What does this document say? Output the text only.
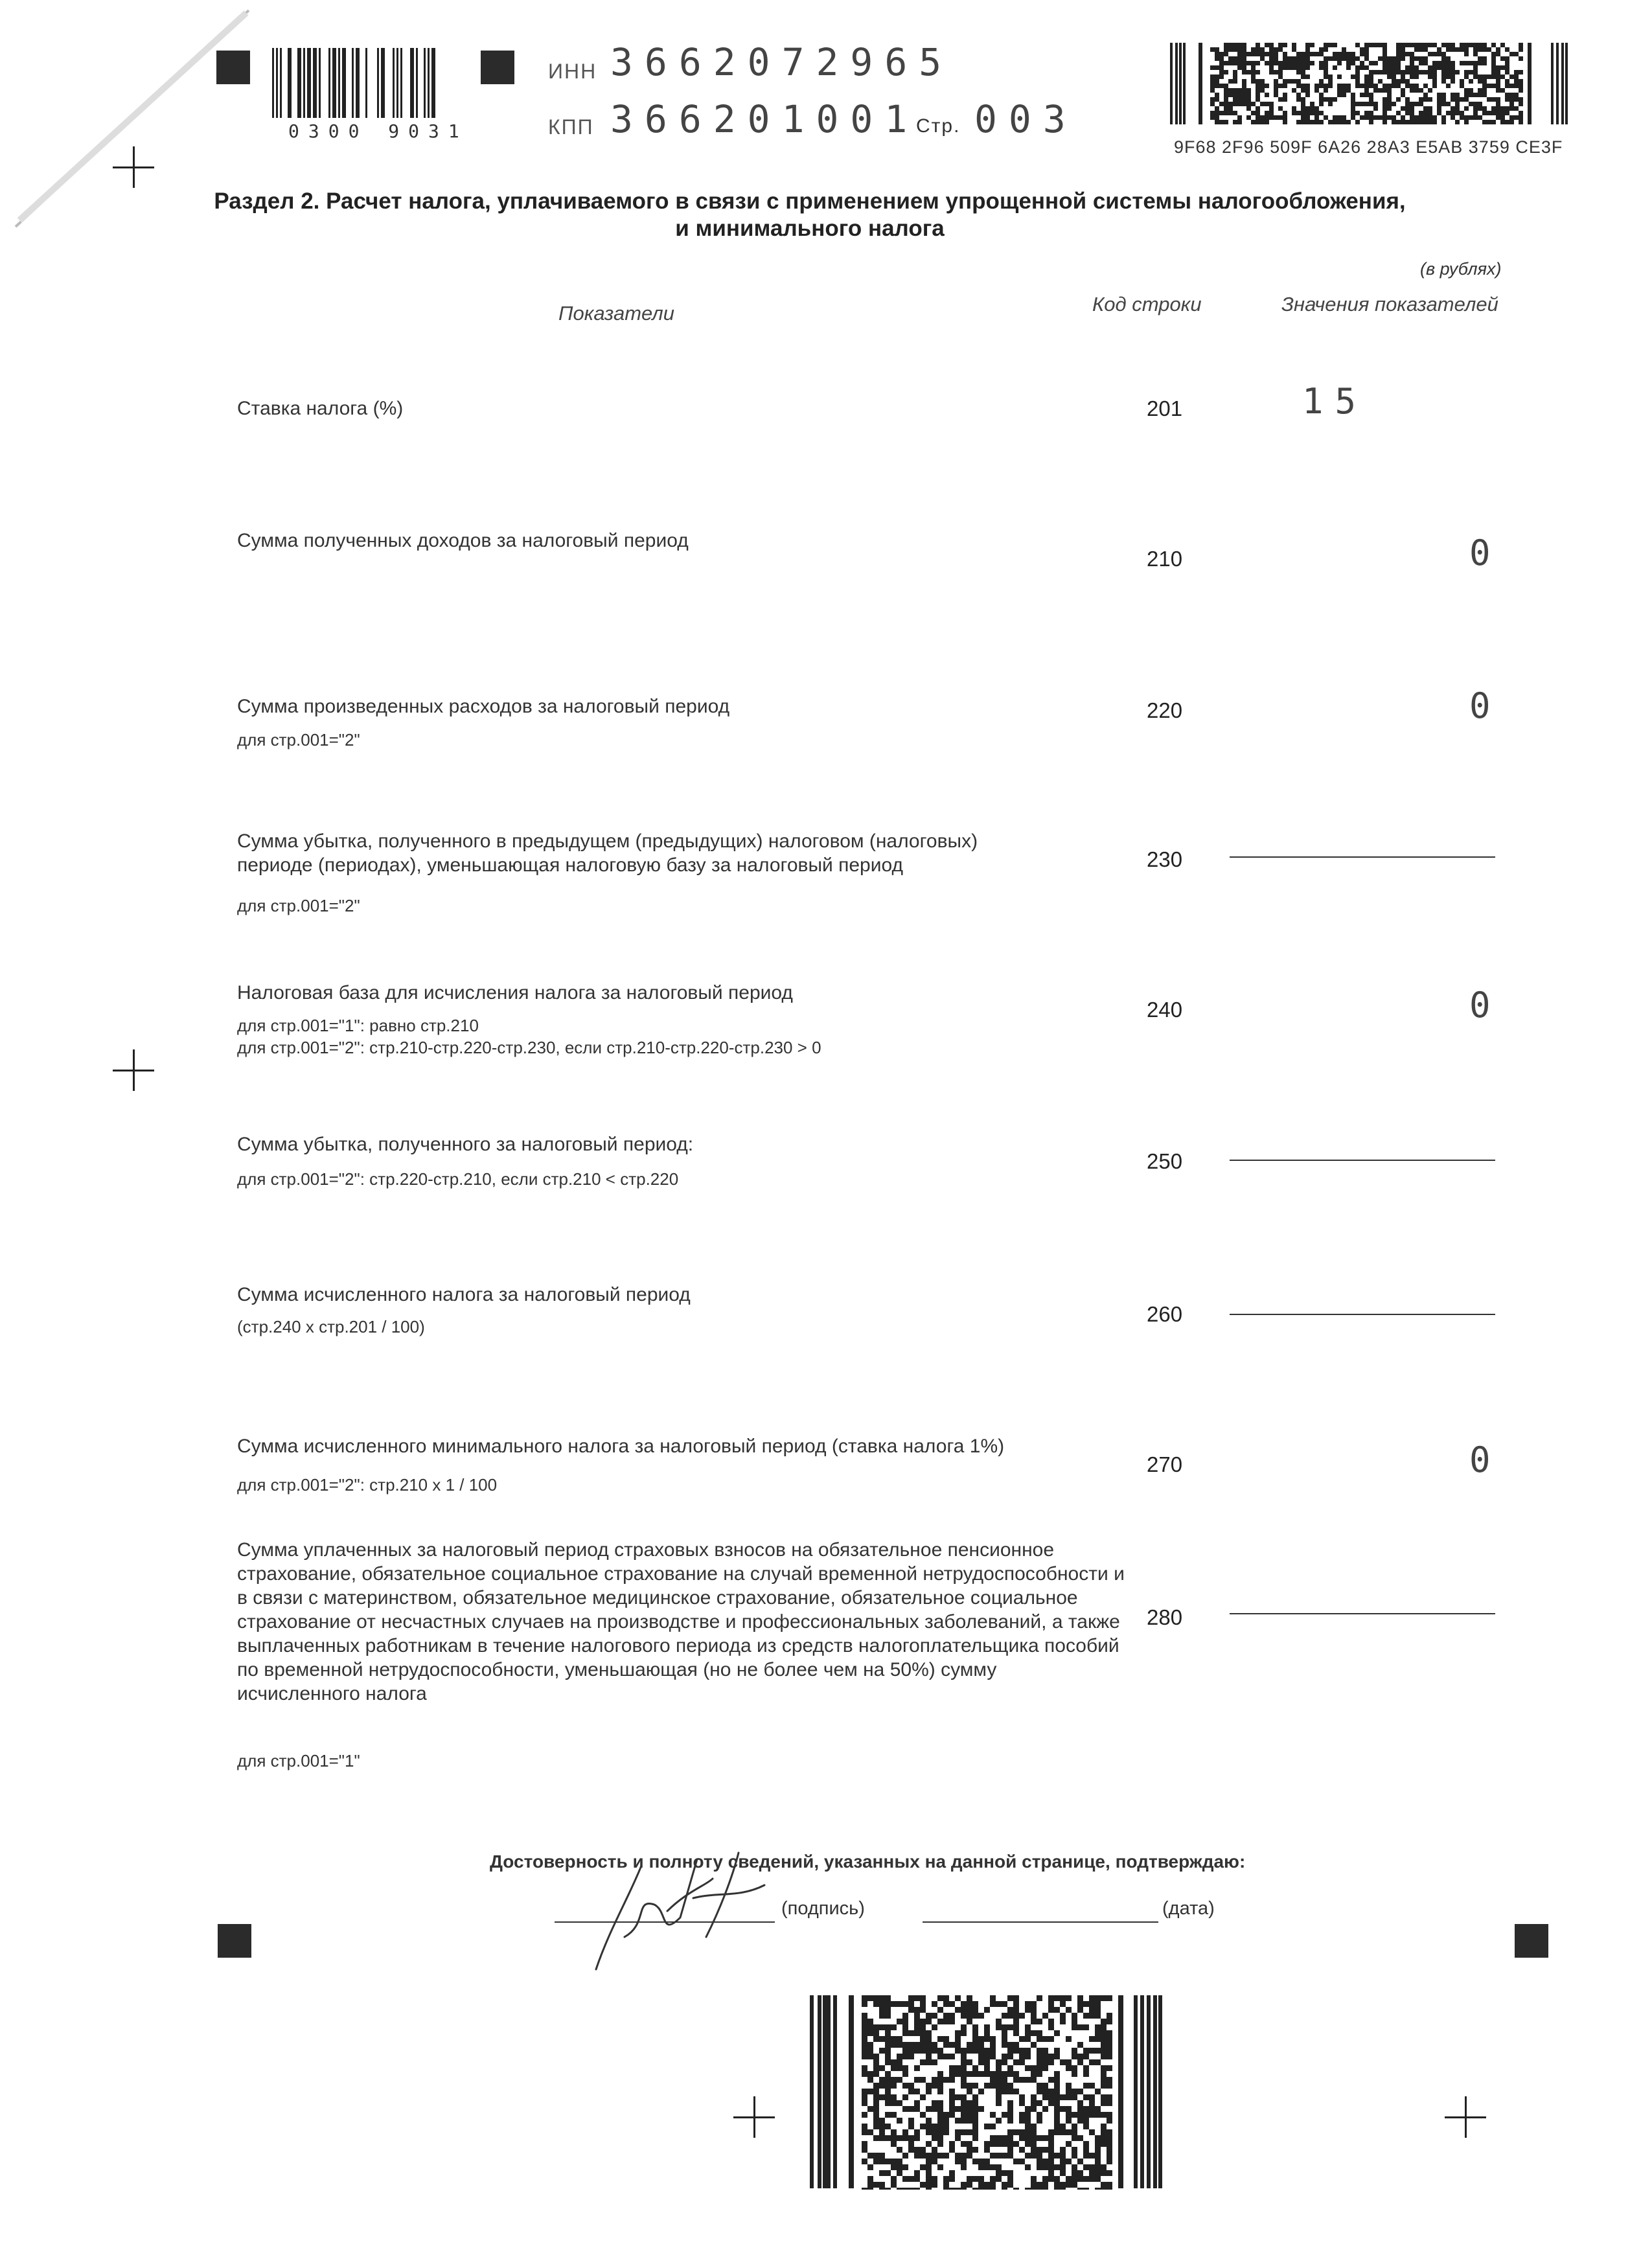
0300 9031
ИНН 3662072965
КПП 366201001
Стр. 003
9F68 2F96 509F 6A26 28A3 E5AB 3759 CE3F
Раздел 2. Расчет налога, уплачиваемого в связи с применением упрощенной системы налогообложения,
и минимального налога
(в рублях)
Показатели	Код строки	Значения показателей
Ставка налога (%)	201	15
Сумма полученных доходов за налоговый период
210	0
Сумма произведенных расходов за налоговый период
для стр.001="2"
220	0
Сумма убытка, полученного в предыдущем (предыдущих) налоговом (налоговых) периоде (периодах), уменьшающая налоговую базу за налоговый период
для стр.001="2"
230
Налоговая база для исчисления налога за налоговый период
для стр.001="1": равно стр.210
для стр.001="2": стр.210-стр.220-стр.230, если стр.210-стр.220-стр.230 > 0
240	0
Сумма убытка, полученного за налоговый период:
для стр.001="2": стр.220-стр.210, если стр.210 < стр.220
250
Сумма исчисленного налога за налоговый период
(стр.240 x стр.201 / 100)
260
Сумма исчисленного минимального налога за налоговый период (ставка налога 1%)
для стр.001="2": стр.210 x 1 / 100
270	0
Сумма уплаченных за налоговый период страховых взносов на обязательное пенсионное страхование, обязательное социальное страхование на случай временной нетрудоспособности и в связи с материнством, обязательное медицинское страхование, обязательное социальное страхование от несчастных случаев на производстве и профессиональных заболеваний, а также выплаченных работникам в течение налогового периода из средств налогоплательщика пособий по временной нетрудоспособности, уменьшающая (но не более чем на 50%) сумму исчисленного налога
для стр.001="1"
280
Достоверность и полноту сведений, указанных на данной странице, подтверждаю:
(подпись)	(дата)
